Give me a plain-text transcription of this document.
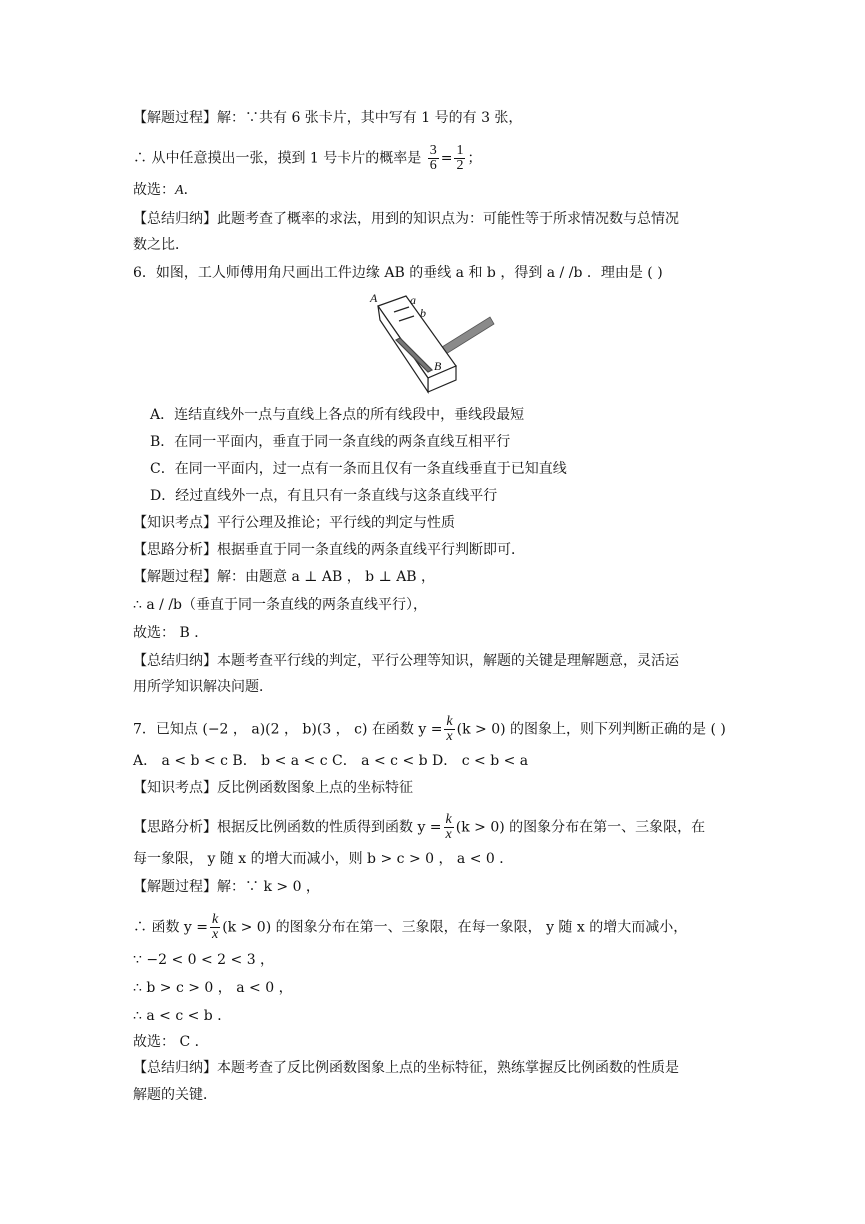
【解题过程】解：∵共有 6 张卡片，其中写有 1 号的有 3 张，
∴ 从中任意摸出一张，摸到 1 号卡片的概率是 $\frac{3}{6} = \frac{1}{2}$ ；
故选：A．
【总结归纳】此题考查了概率的求法，用到的知识点为：可能性等于所求情况数与总情况
数之比．
6．如图，工人师傅用角尺画出工件边缘 AB 的垂线 a 和 b ，得到 a / /b ．理由是 ( )
A	a
b
B
A．连结直线外一点与直线上各点的所有线段中，垂线段最短
B．在同一平面内，垂直于同一条直线的两条直线互相平行
C．在同一平面内，过一点有一条而且仅有一条直线垂直于已知直线
D．经过直线外一点，有且只有一条直线与这条直线平行
【知识考点】平行公理及推论；平行线的判定与性质
【思路分析】根据垂直于同一条直线的两条直线平行判断即可．
【解题过程】解：由题意 a ⊥ AB ， b ⊥ AB ，
∴ a / /b（垂直于同一条直线的两条直线平行），
故选： B ．
【总结归纳】本题考查平行线的判定，平行公理等知识，解题的关键是理解题意，灵活运
用所学知识解决问题．
7．已知点 (−2 ， a)(2 ， b)(3 ， c) 在函数 $y = \frac{k}{x} (k > 0)$ 的图象上，则下列判断正确的是 ( )
A． a < b < c B． b < a < c C． a < c < b D． c < b < a
【知识考点】反比例函数图象上点的坐标特征
【思路分析】根据反比例函数的性质得到函数 $y = \frac{k}{x} (k > 0)$ 的图象分布在第一、三象限，在
每一象限， y 随 x 的增大而减小，则 b > c > 0 ， a < 0 ．
【解题过程】解：∵ k > 0 ，
∴ 函数 $y = \frac{k}{x} (k > 0)$ 的图象分布在第一、三象限，在每一象限， y 随 x 的增大而减小，
∵ −2 < 0 < 2 < 3 ，
∴ b > c > 0 ， a < 0 ，
∴ a < c < b ．
故选： C ．
【总结归纳】本题考查了反比例函数图象上点的坐标特征，熟练掌握反比例函数的性质是
解题的关键．
